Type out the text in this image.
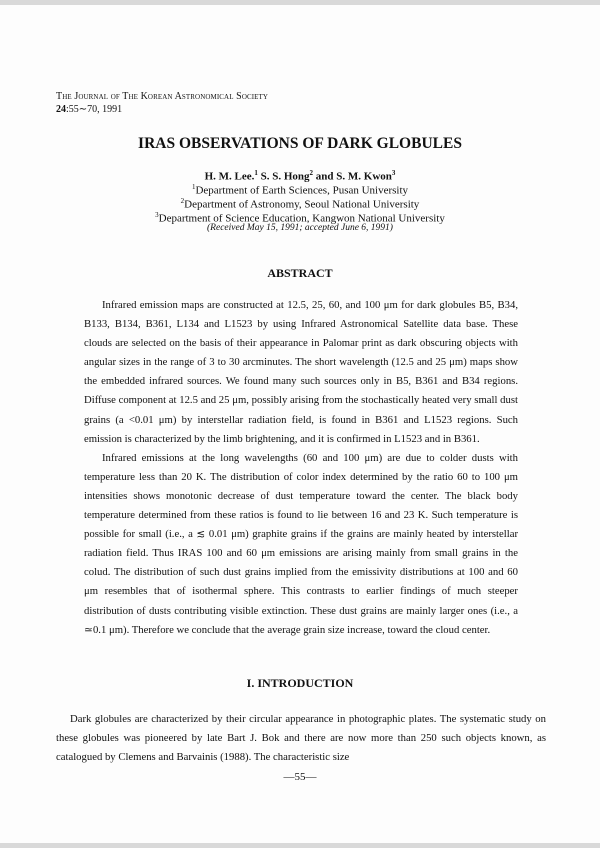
The Journal of The Korean Astronomical Society
24:55∼70, 1991
IRAS OBSERVATIONS OF DARK GLOBULES
H. M. Lee.$^1$ S. S. Hong$^2$ and S. M. Kwon$^3$
$^1$Department of Earth Sciences, Pusan University
$^2$Department of Astronomy, Seoul National University
$^3$Department of Science Education, Kangwon National University
(Received May 15, 1991; accepted June 6, 1991)
ABSTRACT

Infrared emission maps are constructed at 12.5, 25, 60, and 100 μm for dark globules B5, B34, B133, B134, B361, L134 and L1523 by using Infrared Astronomical Satellite data base. These clouds are selected on the basis of their appearance in Palomar print as dark obscuring objects with angular sizes in the range of 3 to 30 arcminutes. The short wavelength (12.5 and 25 μm) maps show the embedded infrared sources. We found many such sources only in B5, B361 and B34 regions. Diffuse component at 12.5 and 25 μm, possibly arising from the stochastically heated very small dust grains (a <0.01 μm) by interstellar radiation field, is found in B361 and L1523 regions. Such emission is characterized by the limb brightening, and it is confirmed in L1523 and in B361.

Infrared emissions at the long wavelengths (60 and 100 μm) are due to colder dusts with temperature less than 20 K. The distribution of color index determined by the ratio 60 to 100 μm intensities shows monotonic decrease of dust temperature toward the center. The black body temperature determined from these ratios is found to lie between 16 and 23 K. Such temperature is possible for small (i.e., a ≲ 0.01 μm) graphite grains if the grains are mainly heated by interstellar radiation field. Thus IRAS 100 and 60 μm emissions are arising mainly from small grains in the colud. The distribution of such dust grains implied from the emissivity distributions at 100 and 60 μm resembles that of isothermal sphere. This contrasts to earlier findings of much steeper distribution of dusts contributing visible extinction. These dust grains are mainly larger ones (i.e., a ≃0.1 μm). Therefore we conclude that the average grain size increase, toward the cloud center.

I. INTRODUCTION

Dark globules are characterized by their circular appearance in photographic plates. The systematic study on these globules was pioneered by late Bart J. Bok and there are now more than 250 such objects known, as catalogued by Clemens and Barvainis (1988). The characteristic size

—55—
